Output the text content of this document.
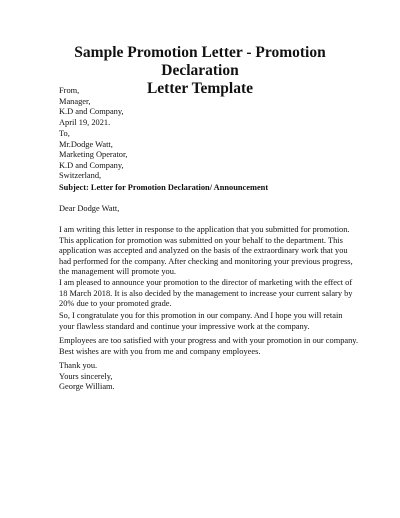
Sample Promotion Letter - Promotion Declaration
Letter Template
From,
Manager,
K.D and Company,
April 19, 2021.
To,
Mr.Dodge Watt,
Marketing Operator,
K.D and Company,
Switzerland,
Subject: Letter for Promotion Declaration/ Announcement
Dear Dodge Watt,
I am writing this letter in response to the application that you submitted for promotion.
This application for promotion was submitted on your behalf to the department. This
application was accepted and analyzed on the basis of the extraordinary work that you
had performed for the company. After checking and monitoring your previous progress,
the management will promote you.
I am pleased to announce your promotion to the director of marketing with the effect of
18 March 2018. It is also decided by the management to increase your current salary by
20% due to your promoted grade.
So, I congratulate you for this promotion in our company. And I hope you will retain
your flawless standard and continue your impressive work at the company.
Employees are too satisfied with your progress and with your promotion in our company.
Best wishes are with you from me and company employees.
Thank you.
Yours sincerely,
George William.
